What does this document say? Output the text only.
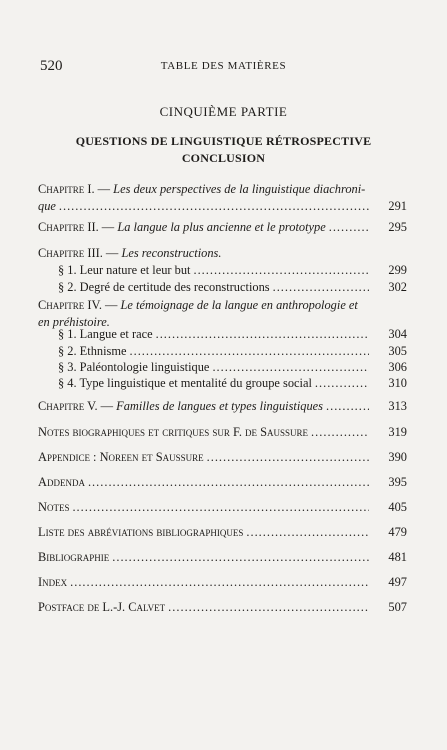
520	TABLE DES MATIÈRES
CINQUIÈME PARTIE
QUESTIONS DE LINGUISTIQUE RÉTROSPECTIVE
CONCLUSION
Chapitre I. — Les deux perspectives de la linguistique diachroni-
que .....	291
Chapitre II. — La langue la plus ancienne et le prototype .....	295
Chapitre III. — Les reconstructions.
§ 1. Leur nature et leur but .....	299
§ 2. Degré de certitude des reconstructions .....	302
Chapitre IV. — Le témoignage de la langue en anthropologie et
en préhistoire.
§ 1. Langue et race .....	304
§ 2. Ethnisme .....	305
§ 3. Paléontologie linguistique .....	306
§ 4. Type linguistique et mentalité du groupe social .....	310
Chapitre V. — Familles de langues et types linguistiques .....	313
Notes biographiques et critiques sur F. de Saussure .....	319
Appendice : Noreen et Saussure .....	390
Addenda .....	395
Notes .....	405
Liste des abréviations bibliographiques .....	479
Bibliographie .....	481
Index .....	497
Postface de L.-J. Calvet .....	507
